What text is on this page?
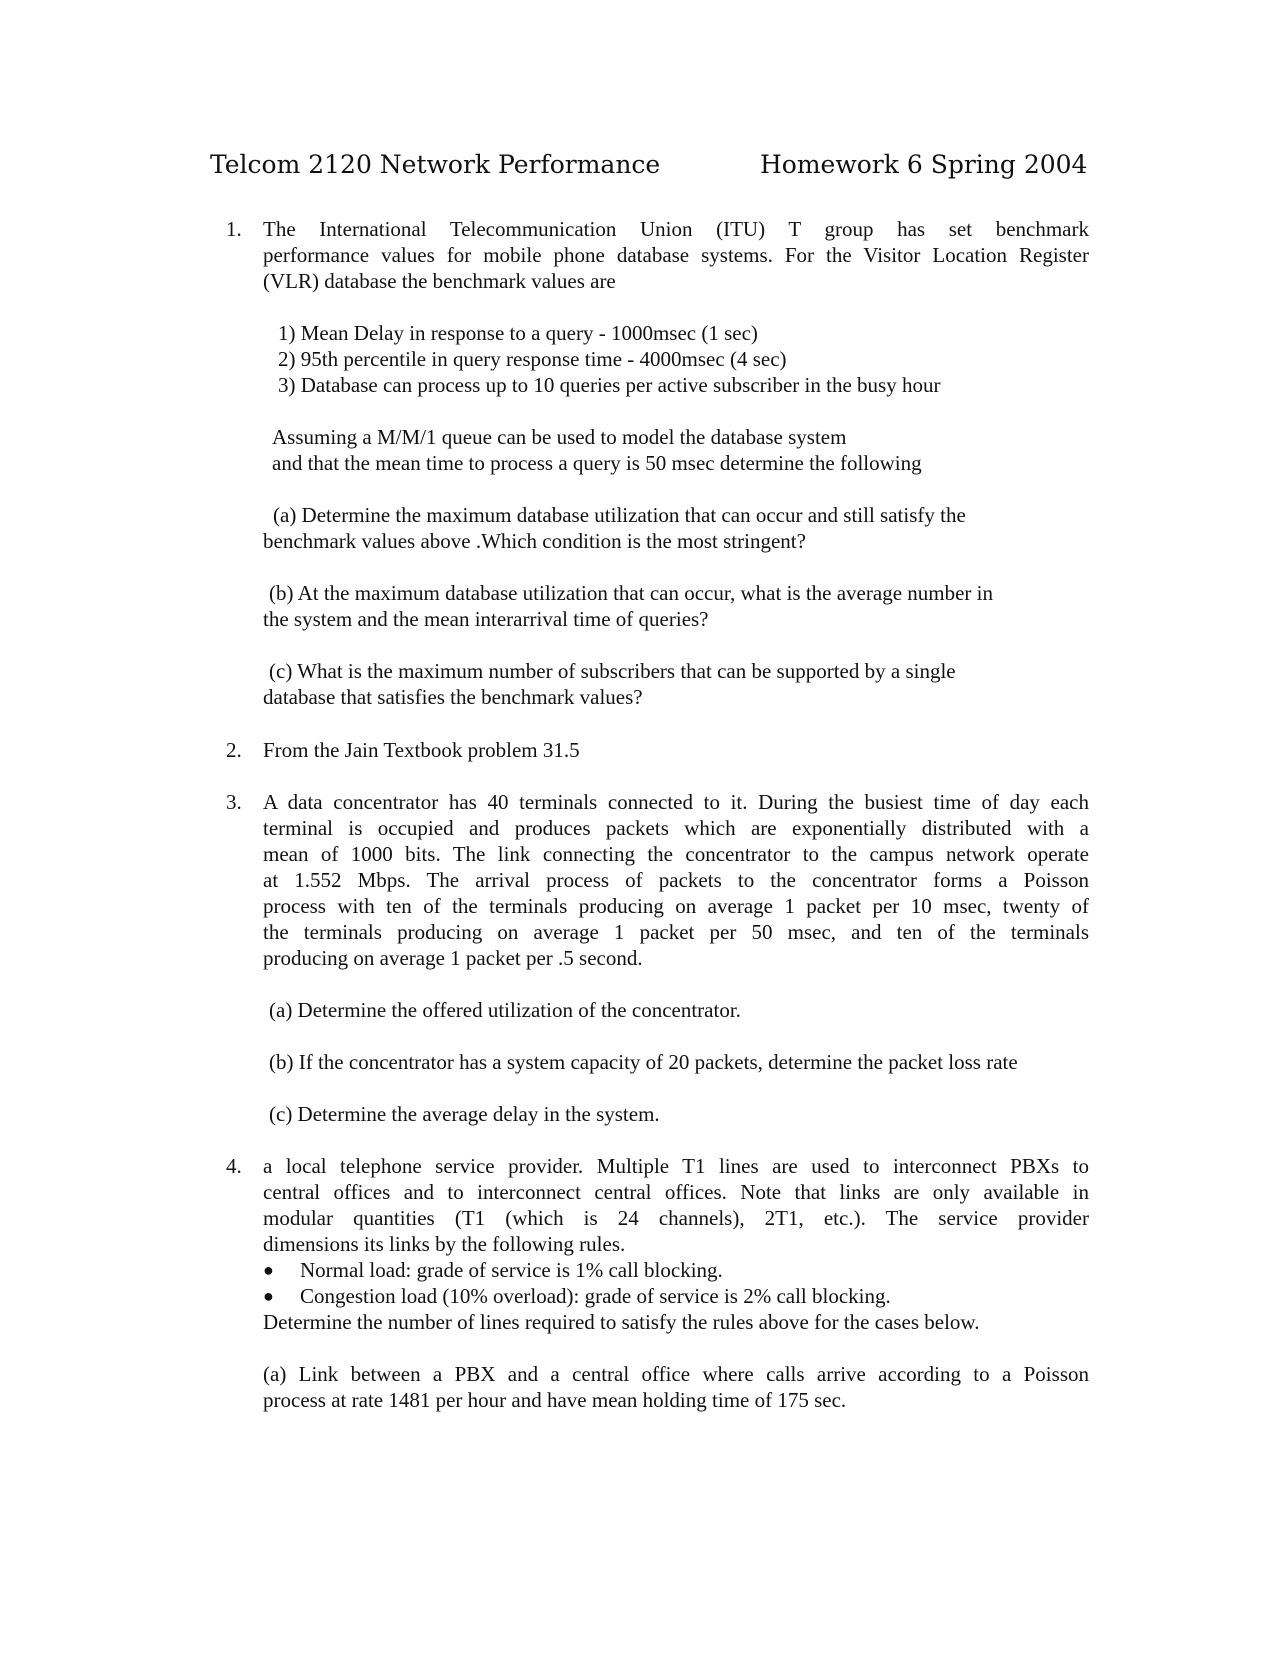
Telcom 2120 Network Performance	Homework 6 Spring 2004
1. The International Telecommunication Union (ITU) T group has set benchmark
performance values for mobile phone database systems. For the Visitor Location Register
(VLR) database the benchmark values are
1) Mean Delay in response to a query - 1000msec (1 sec)
2) 95th percentile in query response time - 4000msec (4 sec)
3) Database can process up to 10 queries per active subscriber in the busy hour
Assuming a M/M/1 queue can be used to model the database system
and that the mean time to process a query is 50 msec determine the following
(a) Determine the maximum database utilization that can occur and still satisfy the
benchmark values above .Which condition is the most stringent?
(b) At the maximum database utilization that can occur, what is the average number in
the system and the mean interarrival time of queries?
(c) What is the maximum number of subscribers that can be supported by a single
database that satisfies the benchmark values?
2. From the Jain Textbook problem 31.5
3. A data concentrator has 40 terminals connected to it. During the busiest time of day each
terminal is occupied and produces packets which are exponentially distributed with a
mean of 1000 bits. The link connecting the concentrator to the campus network operate
at 1.552 Mbps. The arrival process of packets to the concentrator forms a Poisson
process with ten of the terminals producing on average 1 packet per 10 msec, twenty of
the terminals producing on average 1 packet per 50 msec, and ten of the terminals
producing on average 1 packet per .5 second.
(a) Determine the offered utilization of the concentrator.
(b) If the concentrator has a system capacity of 20 packets, determine the packet loss rate
(c) Determine the average delay in the system.
4. a local telephone service provider. Multiple T1 lines are used to interconnect PBXs to
central offices and to interconnect central offices. Note that links are only available in
modular quantities (T1 (which is 24 channels), 2T1, etc.). The service provider
dimensions its links by the following rules.
● Normal load: grade of service is 1% call blocking.
● Congestion load (10% overload): grade of service is 2% call blocking.
Determine the number of lines required to satisfy the rules above for the cases below.
(a) Link between a PBX and a central office where calls arrive according to a Poisson
process at rate 1481 per hour and have mean holding time of 175 sec.
